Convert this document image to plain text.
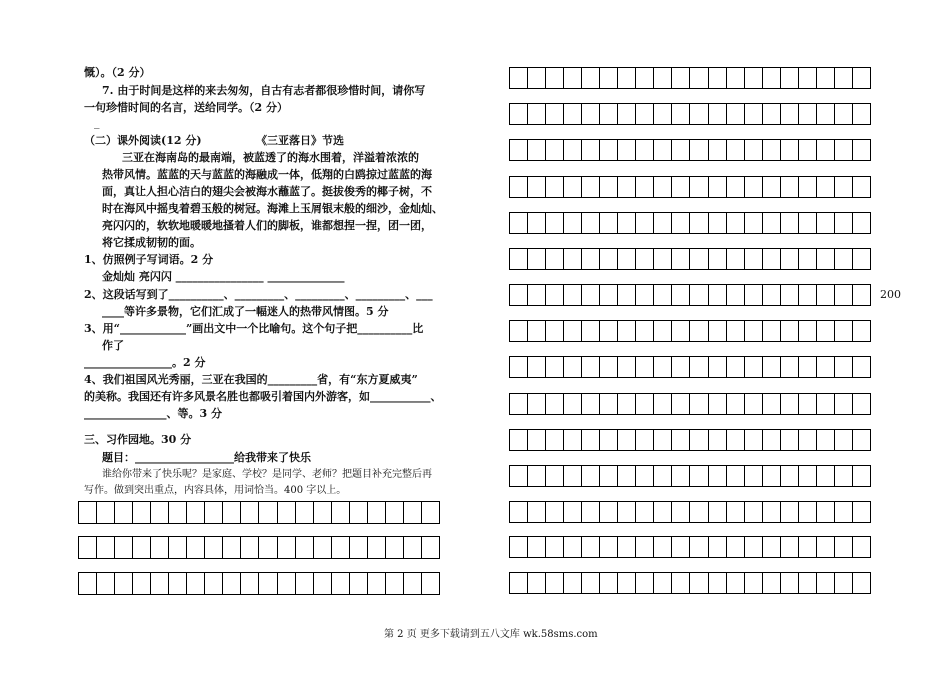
慨）。（2 分）
7. 由于时间是这样的来去匆匆，自古有志者都很珍惜时间，请你写
一句珍惜时间的名言，送给同学。（2 分）
_
（二）课外阅读(12 分)	《三亚落日》节选
三亚在海南岛的最南端，被蓝透了的海水围着，洋溢着浓浓的
热带风情。蓝蓝的天与蓝蓝的海融成一体，低翔的白鸥掠过蓝蓝的海
面，真让人担心洁白的翅尖会被海水蘸蓝了。挺拔俊秀的椰子树，不
时在海风中摇曳着碧玉般的树冠。海滩上玉屑银末般的细沙，金灿灿、
亮闪闪的，软软地暖暖地搔着人们的脚板，谁都想捏一捏，团一团，
将它揉成韧韧的面。
1、仿照例子写词语。2 分
金灿灿 亮闪闪 ________________ ______________
2、这段话写到了__________、_________、_________、_________、___
____等许多景物，它们汇成了一幅迷人的热带风情图。5 分
3、用“____________”画出文中一个比喻句。这个句子把__________比
作了
________________。2 分
4、我们祖国风光秀丽，三亚在我国的_________省，有“东方夏威夷”
的美称。我国还有许多风景名胜也都吸引着国内外游客，如___________、
_______________、等。3 分
三、习作园地。30 分
题目：__________________给我带来了快乐
谁给你带来了快乐呢？是家庭、学校？是同学、老师？把题目补充完整后再
写作。做到突出重点，内容具体，用词恰当。400 字以上。
200
第 2 页 更多下载请到五八文库 wk.58sms.com
